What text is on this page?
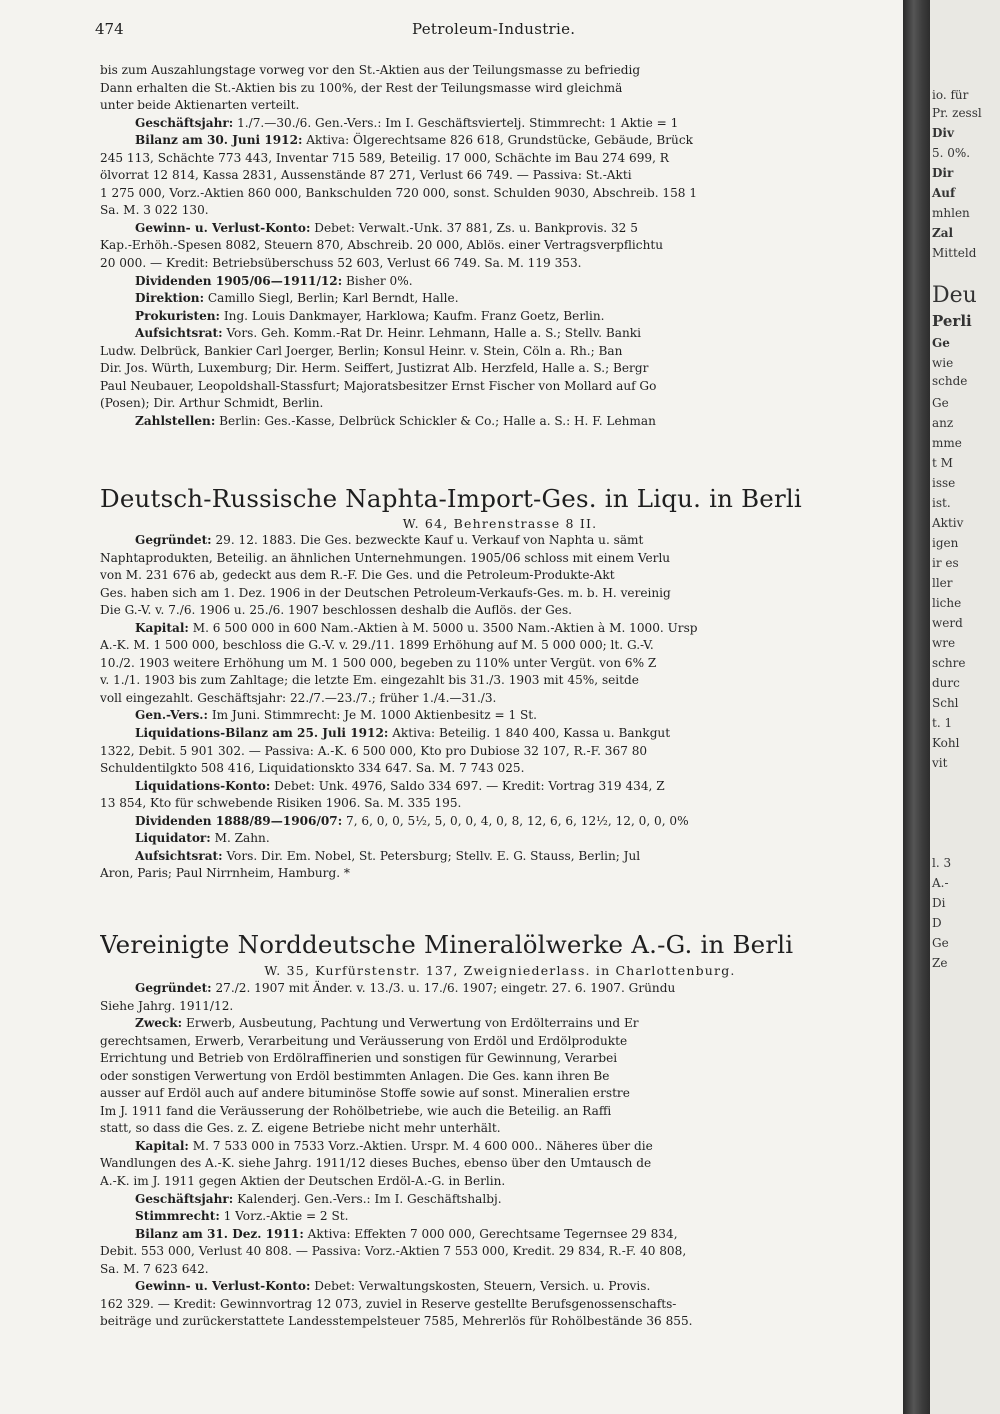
474	Petroleum-Industrie.
bis zum Auszahlungstage vorweg vor den St.-Aktien aus der Teilungsmasse zu befriedig
Dann erhalten die St.-Aktien bis zu 100%, der Rest der Teilungsmasse wird gleichmä
unter beide Aktienarten verteilt.
Geschäftsjahr: 1./7.—30./6. Gen.-Vers.: Im I. Geschäftsviertelj. Stimmrecht: 1 Aktie = 1
Bilanz am 30. Juni 1912: Aktiva: Ölgerechtsame 826 618, Grundstücke, Gebäude, Brück
245 113, Schächte 773 443, Inventar 715 589, Beteilig. 17 000, Schächte im Bau 274 699, R
ölvorrat 12 814, Kassa 2831, Aussenstände 87 271, Verlust 66 749. — Passiva: St.-Akti
1 275 000, Vorz.-Aktien 860 000, Bankschulden 720 000, sonst. Schulden 9030, Abschreib. 158 1
Sa. M. 3 022 130.
Gewinn- u. Verlust-Konto: Debet: Verwalt.-Unk. 37 881, Zs. u. Bankprovis. 32 5
Kap.-Erhöh.-Spesen 8082, Steuern 870, Abschreib. 20 000, Ablös. einer Vertragsverpflichtu
20 000. — Kredit: Betriebsüberschuss 52 603, Verlust 66 749. Sa. M. 119 353.
Dividenden 1905/06—1911/12: Bisher 0%.
Direktion: Camillo Siegl, Berlin; Karl Berndt, Halle.
Prokuristen: Ing. Louis Dankmayer, Harklowa; Kaufm. Franz Goetz, Berlin.
Aufsichtsrat: Vors. Geh. Komm.-Rat Dr. Heinr. Lehmann, Halle a. S.; Stellv. Banki
Ludw. Delbrück, Bankier Carl Joerger, Berlin; Konsul Heinr. v. Stein, Cöln a. Rh.; Ban
Dir. Jos. Würth, Luxemburg; Dir. Herm. Seiffert, Justizrat Alb. Herzfeld, Halle a. S.; Bergr
Paul Neubauer, Leopoldshall-Stassfurt; Majoratsbesitzer Ernst Fischer von Mollard auf Go
(Posen); Dir. Arthur Schmidt, Berlin.
Zahlstellen: Berlin: Ges.-Kasse, Delbrück Schickler & Co.; Halle a. S.: H. F. Lehman
Deutsch-Russische Naphta-Import-Ges. in Liqu. in Berli
W. 64, Behrenstrasse 8 II.
Gegründet: 29. 12. 1883. Die Ges. bezweckte Kauf u. Verkauf von Naphta u. sämt
Naphtaprodukten, Beteilig. an ähnlichen Unternehmungen. 1905/06 schloss mit einem Verlu
von M. 231 676 ab, gedeckt aus dem R.-F. Die Ges. und die Petroleum-Produkte-Akt
Ges. haben sich am 1. Dez. 1906 in der Deutschen Petroleum-Verkaufs-Ges. m. b. H. vereinig
Die G.-V. v. 7./6. 1906 u. 25./6. 1907 beschlossen deshalb die Auflös. der Ges.
Kapital: M. 6 500 000 in 600 Nam.-Aktien à M. 5000 u. 3500 Nam.-Aktien à M. 1000. Ursp
A.-K. M. 1 500 000, beschloss die G.-V. v. 29./11. 1899 Erhöhung auf M. 5 000 000; lt. G.-V.
10./2. 1903 weitere Erhöhung um M. 1 500 000, begeben zu 110% unter Vergüt. von 6% Z
v. 1./1. 1903 bis zum Zahltage; die letzte Em. eingezahlt bis 31./3. 1903 mit 45%, seitde
voll eingezahlt. Geschäftsjahr: 22./7.—23./7.; früher 1./4.—31./3.
Gen.-Vers.: Im Juni. Stimmrecht: Je M. 1000 Aktienbesitz = 1 St.
Liquidations-Bilanz am 25. Juli 1912: Aktiva: Beteilig. 1 840 400, Kassa u. Bankgut
1322, Debit. 5 901 302. — Passiva: A.-K. 6 500 000, Kto pro Dubiose 32 107, R.-F. 367 80
Schuldentilgkto 508 416, Liquidationskto 334 647. Sa. M. 7 743 025.
Liquidations-Konto: Debet: Unk. 4976, Saldo 334 697. — Kredit: Vortrag 319 434, Z
13 854, Kto für schwebende Risiken 1906. Sa. M. 335 195.
Dividenden 1888/89—1906/07: 7, 6, 0, 0, 5½, 5, 0, 0, 4, 0, 8, 12, 6, 6, 12½, 12, 0, 0, 0%
Liquidator: M. Zahn.
Aufsichtsrat: Vors. Dir. Em. Nobel, St. Petersburg; Stellv. E. G. Stauss, Berlin; Jul
Aron, Paris; Paul Nirrnheim, Hamburg. *
Vereinigte Norddeutsche Mineralölwerke A.-G. in Berli
W. 35, Kurfürstenstr. 137, Zweigniederlass. in Charlottenburg.
Gegründet: 27./2. 1907 mit Änder. v. 13./3. u. 17./6. 1907; eingetr. 27. 6. 1907. Gründu
Siehe Jahrg. 1911/12.
Zweck: Erwerb, Ausbeutung, Pachtung und Verwertung von Erdölterrains und Er
gerechtsamen, Erwerb, Verarbeitung und Veräusserung von Erdöl und Erdölprodukte
Errichtung und Betrieb von Erdölraffinerien und sonstigen für Gewinnung, Verarbei
oder sonstigen Verwertung von Erdöl bestimmten Anlagen. Die Ges. kann ihren Be
ausser auf Erdöl auch auf andere bituminöse Stoffe sowie auf sonst. Mineralien erstre
Im J. 1911 fand die Veräusserung der Rohölbetriebe, wie auch die Beteilig. an Raffi
statt, so dass die Ges. z. Z. eigene Betriebe nicht mehr unterhält.
Kapital: M. 7 533 000 in 7533 Vorz.-Aktien. Urspr. M. 4 600 000.. Näheres über die
Wandlungen des A.-K. siehe Jahrg. 1911/12 dieses Buches, ebenso über den Umtausch de
A.-K. im J. 1911 gegen Aktien der Deutschen Erdöl-A.-G. in Berlin.
Geschäftsjahr: Kalenderj. Gen.-Vers.: Im I. Geschäftshalbj.
Stimmrecht: 1 Vorz.-Aktie = 2 St.
Bilanz am 31. Dez. 1911: Aktiva: Effekten 7 000 000, Gerechtsame Tegernsee 29 834,
Debit. 553 000, Verlust 40 808. — Passiva: Vorz.-Aktien 7 553 000, Kredit. 29 834, R.-F. 40 808,
Sa. M. 7 623 642.
Gewinn- u. Verlust-Konto: Debet: Verwaltungskosten, Steuern, Versich. u. Provis.
162 329. — Kredit: Gewinnvortrag 12 073, zuviel in Reserve gestellte Berufsgenossenschafts-
beiträge und zurückerstattete Landesstempelsteuer 7585, Mehrerlös für Rohölbestände 36 855.
io. für
Pr. zessl
Div
5. 0%.
Dir
Auf
mhlen
Zal
Mitteld
Deu
Perli
Ge
wie
schde
Ge
anz
mme
t M
isse
ist.
Aktiv
igen
ir es
ller
liche
werd
wre
schre
durc
Schl
t. 1
Kohl
vit
l. 3
A.-
Di
D
Ge
Ze
